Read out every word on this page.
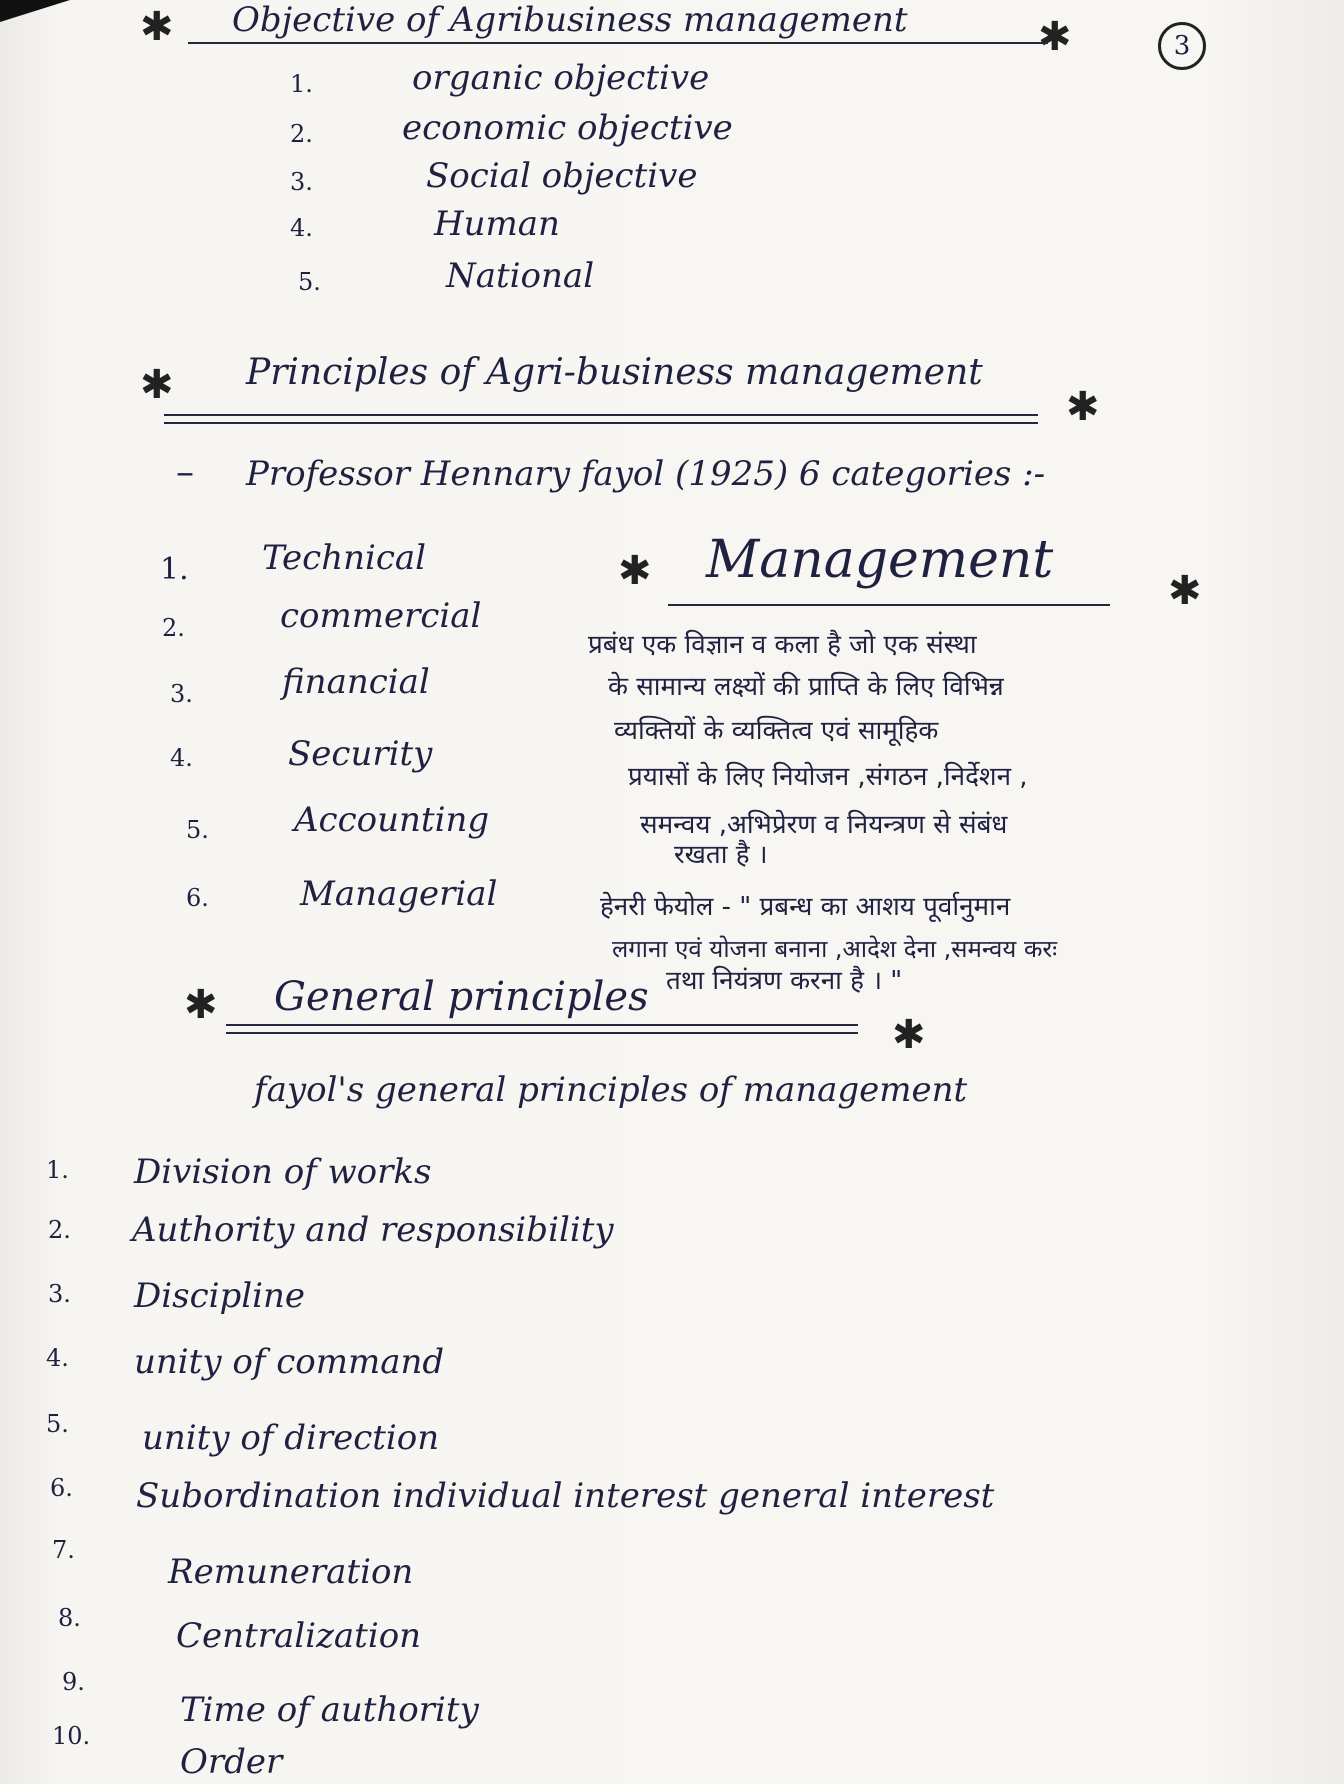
✱ Objective of Agribusiness management	✱	3
1.	organic objective
2.	economic objective
3.	Social objective
4.	Human
5.	National
✱ Principles of Agri-business management
✱
– Professor Hennary fayol (1925) 6 categories :-
1. Technical
2.	commercial
3.	financial
4.	Security
5.	Accounting
6.	Managerial
✱ Management
✱
प्रबंध एक विज्ञान व कला है जो एक संस्था
के सामान्य लक्ष्यों की प्राप्ति के लिए विभिन्न
व्यक्तियों के व्यक्तित्व एवं सामूहिक
प्रयासों के लिए नियोजन ,संगठन ,निर्देशन ,
समन्वय ,अभिप्रेरण व नियन्त्रण से संबंध
रखता है ।
हेनरी फेयोल - " प्रबन्ध का आशय पूर्वानुमान
लगाना एवं योजना बनाना ,आदेश देना ,समन्वय करः
तथा नियंत्रण करना है । "
✱ General principles
✱
fayol's general principles of management
1. Division of works
2. Authority and responsibility
3. Discipline
4. unity of command
5. unity of direction
6. Subordination individual interest general interest
7.
Remuneration
8.	Centralization
9.
Time of authority
10.
Order
